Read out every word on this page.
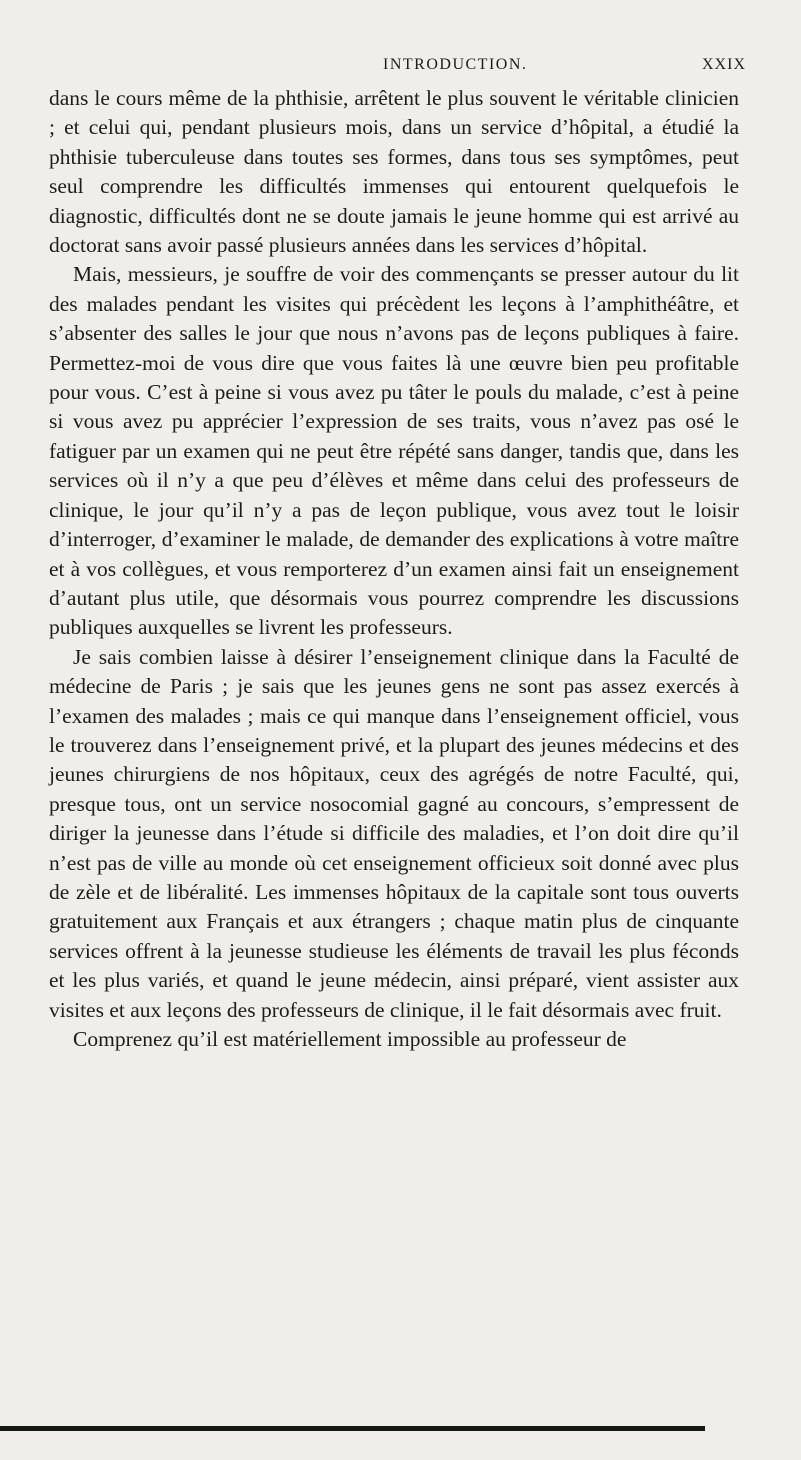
INTRODUCTION.	XXIX

dans le cours même de la phthisie, arrêtent le plus souvent le véritable clinicien ; et celui qui, pendant plusieurs mois, dans un service d’hôpital, a étudié la phthisie tuberculeuse dans toutes ses formes, dans tous ses symptômes, peut seul comprendre les difficultés immenses qui entourent quelquefois le diagnostic, difficultés dont ne se doute jamais le jeune homme qui est arrivé au doctorat sans avoir passé plusieurs années dans les services d’hôpital.

Mais, messieurs, je souffre de voir des commençants se presser autour du lit des malades pendant les visites qui précèdent les leçons à l’amphithéâtre, et s’absenter des salles le jour que nous n’avons pas de leçons publiques à faire. Permettez-moi de vous dire que vous faites là une œuvre bien peu profitable pour vous. C’est à peine si vous avez pu tâter le pouls du malade, c’est à peine si vous avez pu apprécier l’expression de ses traits, vous n’avez pas osé le fatiguer par un examen qui ne peut être répété sans danger, tandis que, dans les services où il n’y a que peu d’élèves et même dans celui des professeurs de clinique, le jour qu’il n’y a pas de leçon publique, vous avez tout le loisir d’interroger, d’examiner le malade, de demander des explications à votre maître et à vos collègues, et vous remporterez d’un examen ainsi fait un enseignement d’autant plus utile, que désormais vous pourrez comprendre les discussions publiques auxquelles se livrent les professeurs.

Je sais combien laisse à désirer l’enseignement clinique dans la Faculté de médecine de Paris ; je sais que les jeunes gens ne sont pas assez exercés à l’examen des malades ; mais ce qui manque dans l’enseignement officiel, vous le trouverez dans l’enseignement privé, et la plupart des jeunes médecins et des jeunes chirurgiens de nos hôpitaux, ceux des agrégés de notre Faculté, qui, presque tous, ont un service nosocomial gagné au concours, s’empressent de diriger la jeunesse dans l’étude si difficile des maladies, et l’on doit dire qu’il n’est pas de ville au monde où cet enseignement officieux soit donné avec plus de zèle et de libéralité. Les immenses hôpitaux de la capitale sont tous ouverts gratuitement aux Français et aux étrangers ; chaque matin plus de cinquante services offrent à la jeunesse studieuse les éléments de travail les plus féconds et les plus variés, et quand le jeune médecin, ainsi préparé, vient assister aux visites et aux leçons des professeurs de clinique, il le fait désormais avec fruit.

Comprenez qu’il est matériellement impossible au professeur de
